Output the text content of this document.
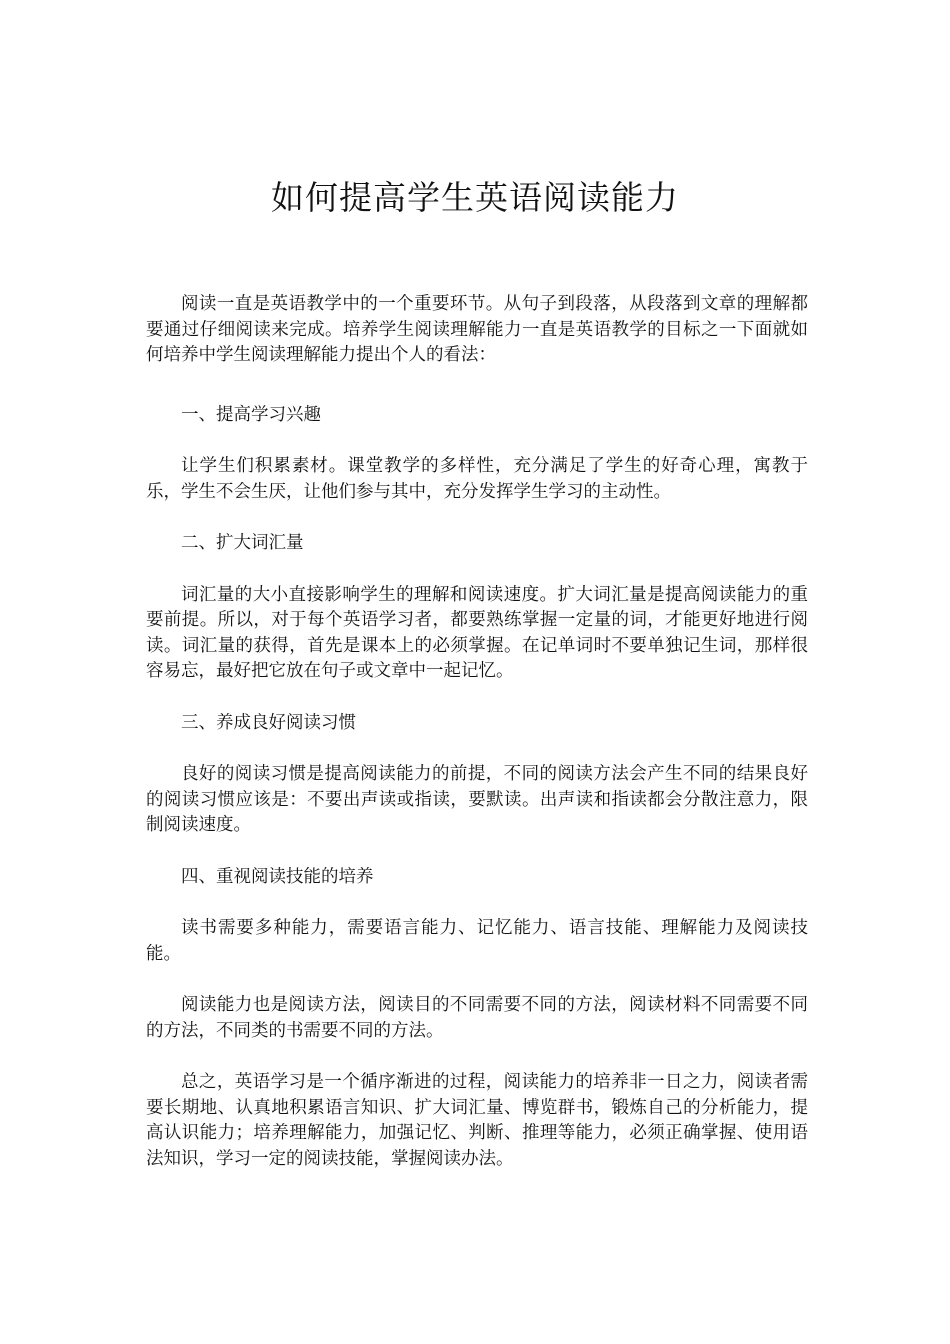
如何提高学生英语阅读能力

阅读一直是英语教学中的一个重要环节。从句子到段落，从段落到文章的理解都要通过仔细阅读来完成。培养学生阅读理解能力一直是英语教学的目标之一下面就如何培养中学生阅读理解能力提出个人的看法：

一、提高学习兴趣

让学生们积累素材。课堂教学的多样性，充分满足了学生的好奇心理，寓教于乐，学生不会生厌，让他们参与其中，充分发挥学生学习的主动性。

二、扩大词汇量

词汇量的大小直接影响学生的理解和阅读速度。扩大词汇量是提高阅读能力的重要前提。所以，对于每个英语学习者，都要熟练掌握一定量的词，才能更好地进行阅读。词汇量的获得，首先是课本上的必须掌握。在记单词时不要单独记生词，那样很容易忘，最好把它放在句子或文章中一起记忆。

三、养成良好阅读习惯

良好的阅读习惯是提高阅读能力的前提，不同的阅读方法会产生不同的结果良好的阅读习惯应该是：不要出声读或指读，要默读。出声读和指读都会分散注意力，限制阅读速度。

四、重视阅读技能的培养

读书需要多种能力，需要语言能力、记忆能力、语言技能、理解能力及阅读技能。

阅读能力也是阅读方法，阅读目的不同需要不同的方法，阅读材料不同需要不同的方法，不同类的书需要不同的方法。

总之，英语学习是一个循序渐进的过程，阅读能力的培养非一日之力，阅读者需要长期地、认真地积累语言知识、扩大词汇量、博览群书，锻炼自己的分析能力，提高认识能力；培养理解能力，加强记忆、判断、推理等能力，必须正确掌握、使用语法知识，学习一定的阅读技能，掌握阅读办法。
